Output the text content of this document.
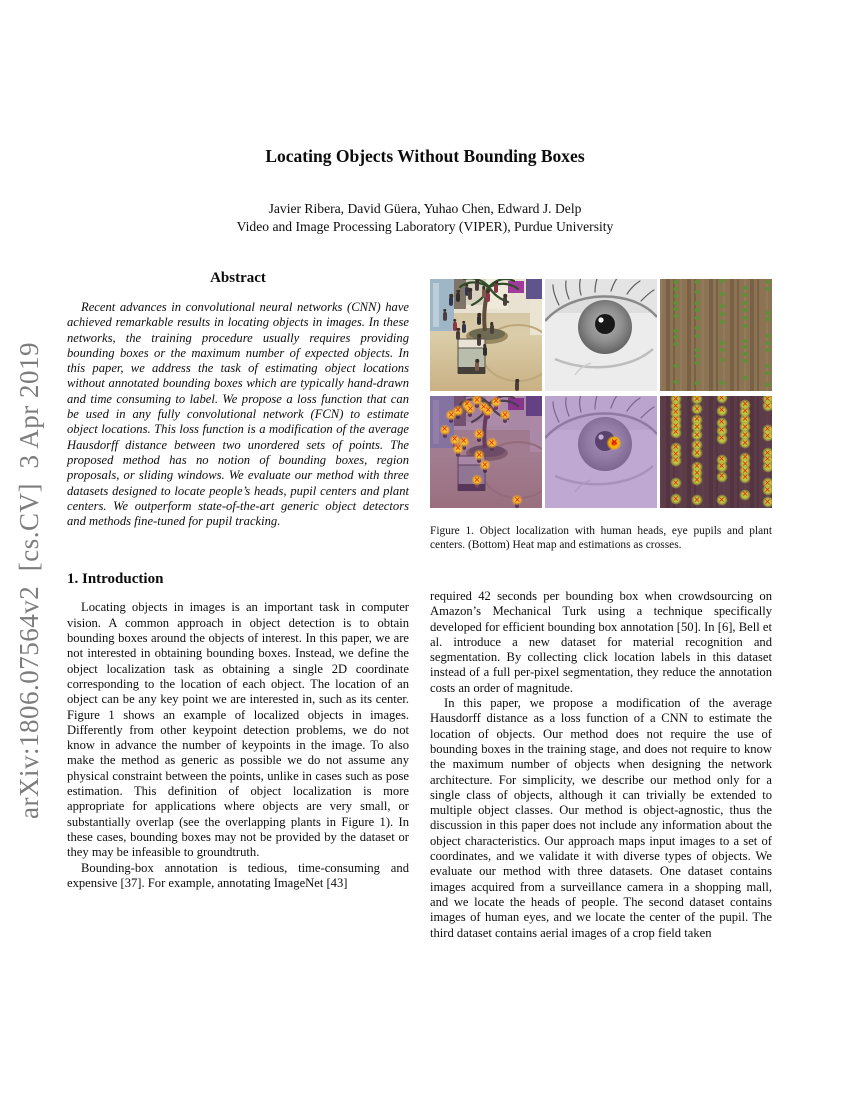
arXiv:1806.07564v2  [cs.CV]  3 Apr 2019
Locating Objects Without Bounding Boxes
Javier Ribera, David Güera, Yuhao Chen, Edward J. Delp
Video and Image Processing Laboratory (VIPER), Purdue University
Abstract

Recent advances in convolutional neural networks (CNN) have achieved remarkable results in locating objects in images. In these networks, the training procedure usually requires providing bounding boxes or the maximum number of expected objects. In this paper, we address the task of estimating object locations without annotated bounding boxes which are typically hand-drawn and time consuming to label. We propose a loss function that can be used in any fully convolutional network (FCN) to estimate object locations. This loss function is a modification of the average Hausdorff distance between two unordered sets of points. The proposed method has no notion of bounding boxes, region proposals, or sliding windows. We evaluate our method with three datasets designed to locate people’s heads, pupil centers and plant centers. We outperform state-of-the-art generic object detectors and methods fine-tuned for pupil tracking.

1. Introduction

Locating objects in images is an important task in computer vision. A common approach in object detection is to obtain bounding boxes around the objects of interest. In this paper, we are not interested in obtaining bounding boxes. Instead, we define the object localization task as obtaining a single 2D coordinate corresponding to the location of each object. The location of an object can be any key point we are interested in, such as its center. Figure 1 shows an example of localized objects in images. Differently from other keypoint detection problems, we do not know in advance the number of keypoints in the image. To also make the method as generic as possible we do not assume any physical constraint between the points, unlike in cases such as pose estimation. This definition of object localization is more appropriate for applications where objects are very small, or substantially overlap (see the overlapping plants in Figure 1). In these cases, bounding boxes may not be provided by the dataset or they may be infeasible to groundtruth.

Bounding-box annotation is tedious, time-consuming and expensive [37]. For example, annotating ImageNet [43]

✕
✕
✕
✕
✕
✕
✕
✕
✕
✕
✕
✕
✕
✕
✕
✕
✕
✕
✕
✕
✕
✕
✕
✕
✕
✕
✕
✕
✕
✕
✕
✕
✕
✕
✕
✕
✕
✕
✕
✕
✕
✕
✕
✕
✕
✕
✕
✕
✕
✕
✕
✕
✕
✕
✕
✕
✕
✕
✕
✕
✕
✕
✕
✕
✕
✕
✕
✕
✕
✕
✕
✕
Figure 1. Object localization with human heads, eye pupils and plant centers. (Bottom) Heat map and estimations as crosses.

required 42 seconds per bounding box when crowdsourcing on Amazon’s Mechanical Turk using a technique specifically developed for efficient bounding box annotation [50]. In [6], Bell et al. introduce a new dataset for material recognition and segmentation. By collecting click location labels in this dataset instead of a full per-pixel segmentation, they reduce the annotation costs an order of magnitude.

In this paper, we propose a modification of the average Hausdorff distance as a loss function of a CNN to estimate the location of objects. Our method does not require the use of bounding boxes in the training stage, and does not require to know the maximum number of objects when designing the network architecture. For simplicity, we describe our method only for a single class of objects, although it can trivially be extended to multiple object classes. Our method is object-agnostic, thus the discussion in this paper does not include any information about the object characteristics. Our approach maps input images to a set of coordinates, and we validate it with diverse types of objects. We evaluate our method with three datasets. One dataset contains images acquired from a surveillance camera in a shopping mall, and we locate the heads of people. The second dataset contains images of human eyes, and we locate the center of the pupil. The third dataset contains aerial images of a crop field taken
